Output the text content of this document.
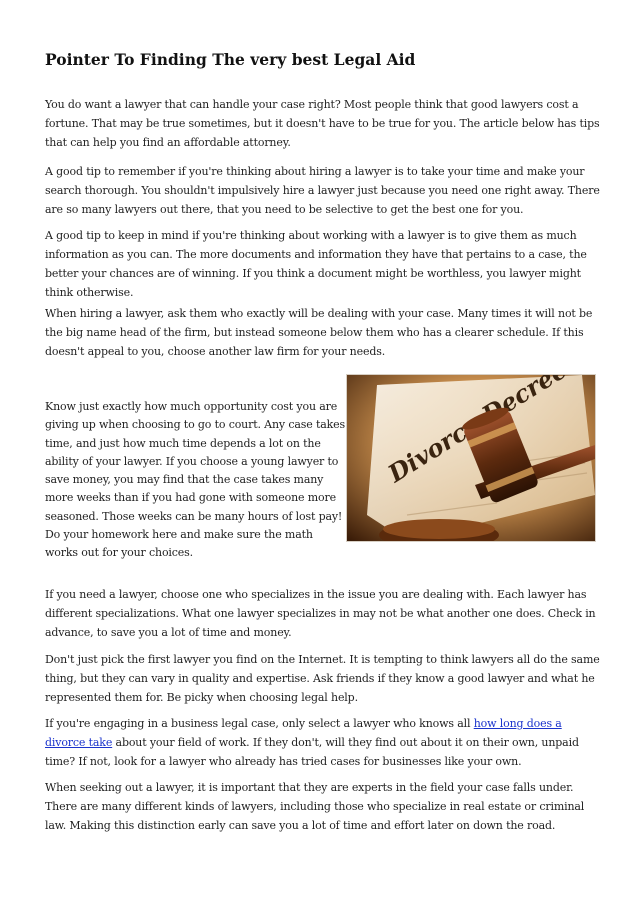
Pointer To Finding The very best Legal Aid

You do want a lawyer that can handle your case right? Most people think that good lawyers cost a fortune. That may be true sometimes, but it doesn't have to be true for you. The article below has tips that can help you find an affordable attorney.

A good tip to remember if you're thinking about hiring a lawyer is to take your time and make your search thorough. You shouldn't impulsively hire a lawyer just because you need one right away. There are so many lawyers out there, that you need to be selective to get the best one for you.

A good tip to keep in mind if you're thinking about working with a lawyer is to give them as much information as you can. The more documents and information they have that pertains to a case, the better your chances are of winning. If you think a document might be worthless, you lawyer might think otherwise.

When hiring a lawyer, ask them who exactly will be dealing with your case. Many times it will not be the big name head of the firm, but instead someone below them who has a clearer schedule. If this doesn't appeal to you, choose another law firm for your needs.

Know just exactly how much opportunity cost you are giving up when choosing to go to court. Any case takes time, and just how much time depends a lot on the ability of your lawyer. If you choose a young lawyer to save money, you may find that the case takes many more weeks than if you had gone with someone more seasoned. Those weeks can be many hours of lost pay! Do your homework here and make sure the math works out for your choices.

Divorce Decree

If you need a lawyer, choose one who specializes in the issue you are dealing with. Each lawyer has different specializations. What one lawyer specializes in may not be what another one does. Check in advance, to save you a lot of time and money.

Don't just pick the first lawyer you find on the Internet. It is tempting to think lawyers all do the same thing, but they can vary in quality and expertise. Ask friends if they know a good lawyer and what he represented them for. Be picky when choosing legal help.

If you're engaging in a business legal case, only select a lawyer who knows all how long does a divorce take about your field of work. If they don't, will they find out about it on their own, unpaid time? If not, look for a lawyer who already has tried cases for businesses like your own.

When seeking out a lawyer, it is important that they are experts in the field your case falls under. There are many different kinds of lawyers, including those who specialize in real estate or criminal law. Making this distinction early can save you a lot of time and effort later on down the road.
